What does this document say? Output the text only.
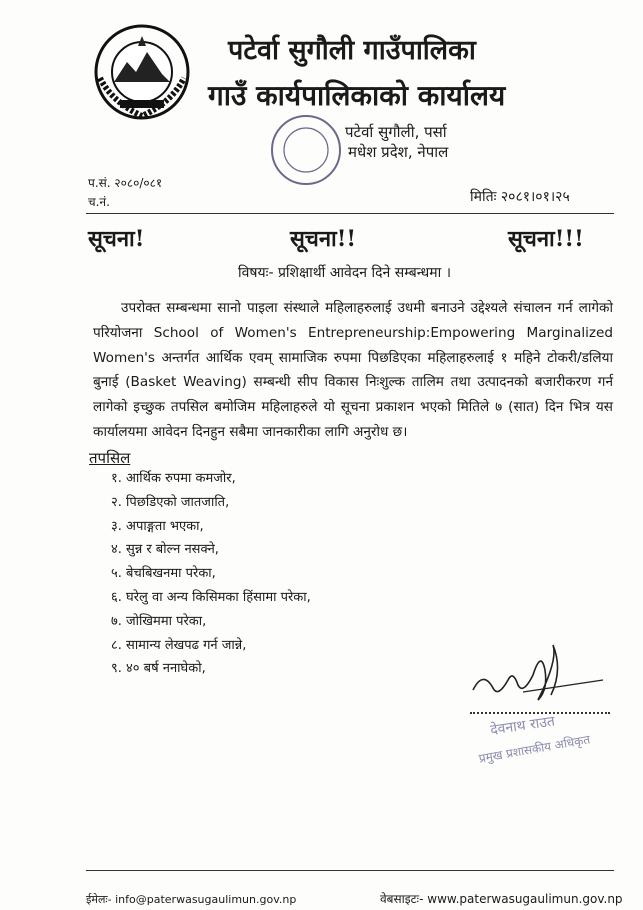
पटेर्वा सुगौली गाउँपालिका
गाउँ कार्यपालिकाको कार्यालय
पटेर्वा सुगौली, पर्सा
मधेश प्रदेश, नेपाल
प.सं. २०८०/०८१
च.नं.	मितिः २०८१।०१।२५
सूचना!	सूचना!!	सूचना!!!
विषयः- प्रशिक्षार्थी आवेदन दिने सम्बन्धमा ।
उपरोक्त सम्बन्धमा सानो पाइला संस्थाले महिलाहरुलाई उधमी बनाउने उद्देश्यले संचालन गर्न लागेको परियोजना School of Women's Entrepreneurship:Empowering Marginalized Women's अन्तर्गत आर्थिक एवम् सामाजिक रुपमा पिछडिएका महिलाहरुलाई १ महिने टोकरी/डलिया बुनाई (Basket Weaving) सम्बन्धी सीप विकास निःशुल्क तालिम तथा उत्पादनको बजारीकरण गर्न लागेको इच्छुक तपसिल बमोजिम महिलाहरुले यो सूचना प्रकाशन भएको मितिले ७ (सात) दिन भित्र यस कार्यालयमा आवेदन दिनहुन सबैमा जानकारीका लागि अनुरोध छ।
तपसिल
१. आर्थिक रुपमा कमजोर,
२. पिछडिएको जातजाति,
३. अपाङ्गता भएका,
४. सुन्न र बोल्न नसक्ने,
५. बेचबिखनमा परेका,
६. घरेलु वा अन्य किसिमका हिंसामा परेका,
७. जोखिममा परेका,
८. सामान्य लेखपढ गर्न जान्ने,
९. ४० बर्ष ननाघेको,
देवनाथ राउत
प्रमुख प्रशासकीय अधिकृत
ईमेलः- info@paterwasugaulimun.gov.np	वेबसाइटः- www.paterwasugaulimun.gov.np
